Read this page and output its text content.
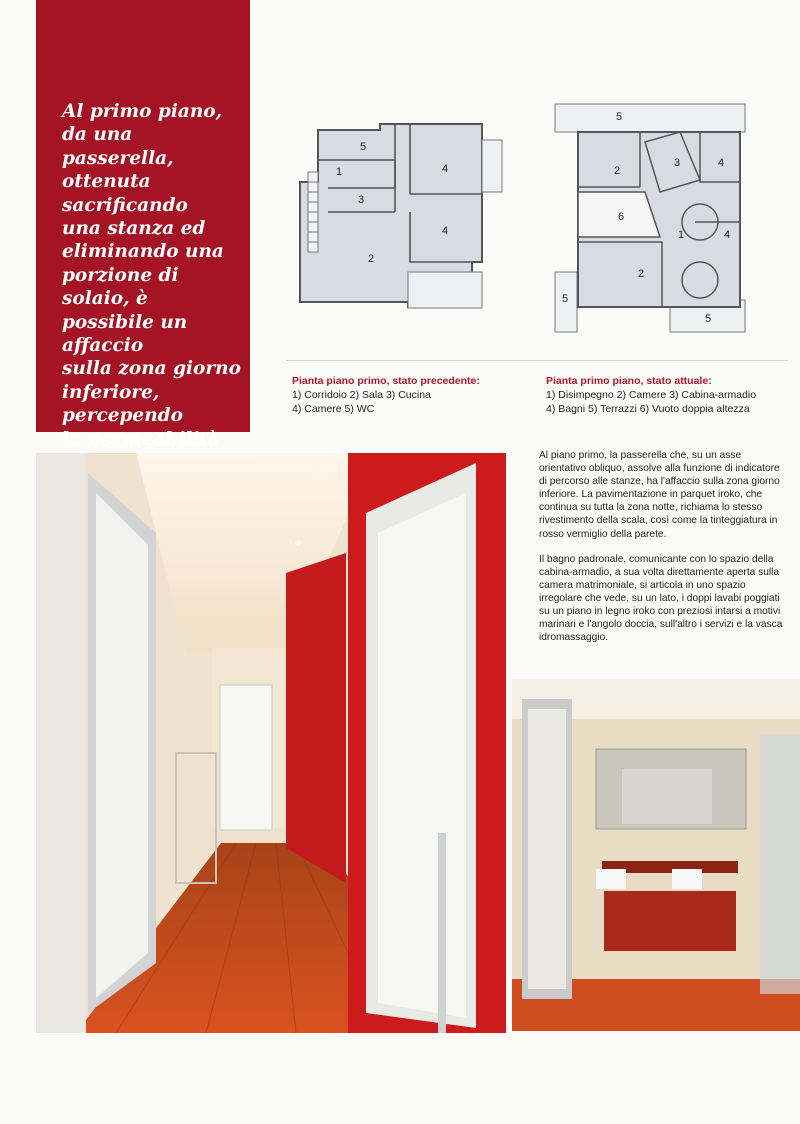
Al primo piano,
da una passerella,
ottenuta sacrificando
una stanza ed
eliminando una
porzione di solaio, è
possibile un affaccio
sulla zona giorno
inferiore, percependo
la permeabilità

5
1	4
3
4
2
5
2
3	4
6
1	4
2
5
5
Pianta piano primo, stato precedente:
1) Corridoio 2) Sala 3) Cucina
4) Camere 5) WC
Pianta primo piano, stato attuale:
1) Disimpegno 2) Camere 3) Cabina-armadio
4) Bagni 5) Terrazzi 6) Vuoto doppia altezza

Al piano primo, la passerella che, su un asse orientativo obliquo, assolve alla funzione di indicatore di percorso alle stanze, ha l'affaccio sulla zona giorno inferiore. La pavimentazione in parquet iroko, che continua su tutta la zona notte, richiama lo stesso rivestimento della scala, così come la tinteggiatura in rosso vermiglio della parete.

Il bagno padronale, comunicante con lo spazio della cabina-armadio, a sua volta direttamente aperta sulla camera matrimoniale, si articola in uno spazio irregolare che vede, su un lato, i doppi lavabi poggiati su un piano in legno iroko con preziosi intarsi a motivi marinari e l'angolo doccia, sull'altro i servizi e la vasca idromassaggio.
